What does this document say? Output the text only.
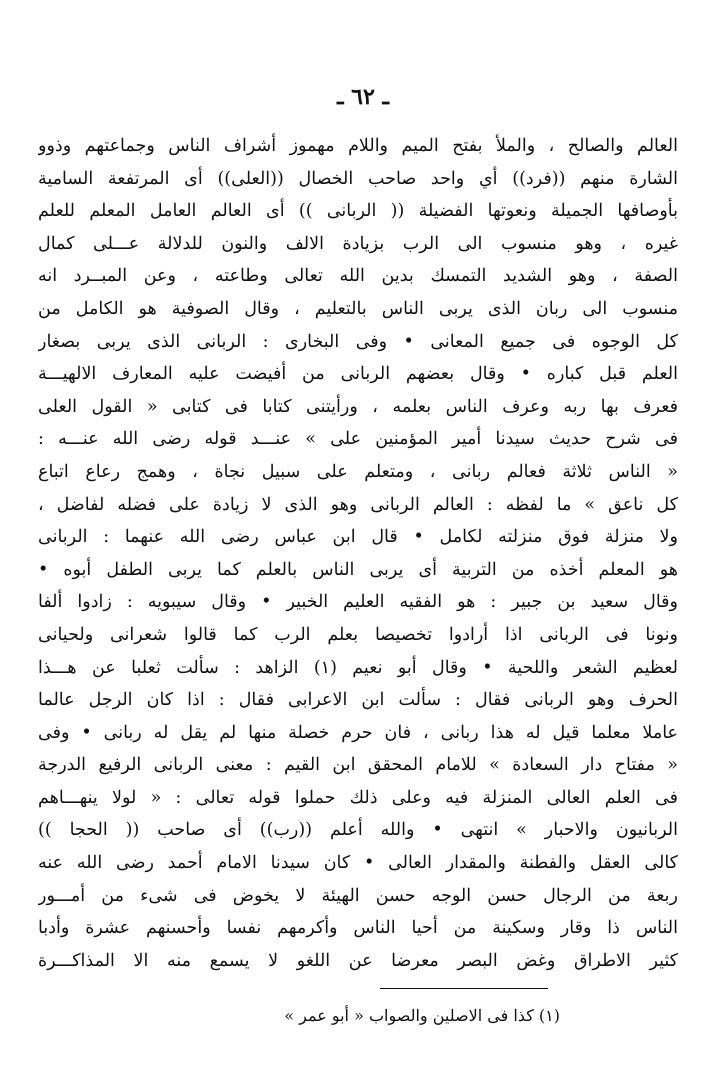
ـ ٦٢ ـ
العالم والصالح ، والملأ بفتح الميم واللام مهموز أشراف الناس وجماعتهم وذوو
الشارة منهم ((فرد)) أي واحد صاحب الخصال ((العلى)) أى المرتفعة السامية
بأوصافها الجميلة ونعوتها الفضيلة (( الربانى )) أى العالم العامل المعلم للعلم
غيره ، وهو منسوب الى الرب بزيادة الالف والنون للدلالة عـــلى كمال
الصفة ، وهو الشديد التمسك بدين الله تعالى وطاعته ، وعن المبــرد انه
منسوب الى ربان الذى يربى الناس بالتعليم ، وقال الصوفية هو الكامل من
كل الوجوه فى جميع المعانى • وفى البخارى : الربانى الذى يربى بصغار
العلم قبل كباره • وقال بعضهم الربانى من أفيضت عليه المعارف الالهيـــة
فعرف بها ربه وعرف الناس بعلمه ، ورأيتنى كتابا فى كتابى « القول العلى
فى شرح حديث سيدنا أمير المؤمنين على » عنـــد قوله رضى الله عنـــه :
« الناس ثلاثة فعالم ربانى ، ومتعلم على سبيل نجاة ، وهمج رعاع اتباع
كل ناعق » ما لفظه : العالم الربانى وهو الذى لا زيادة على فضله لفاضل ،
ولا منزلة فوق منزلته لكامل • قال ابن عباس رضى الله عنهما : الربانى
هو المعلم أخذه من التربية أى يربى الناس بالعلم كما يربى الطفل أبوه •
وقال سعيد بن جبير : هو الفقيه العليم الخبير • وقال سيبويه : زادوا ألفا
ونونا فى الربانى اذا أرادوا تخصيصا بعلم الرب كما قالوا شعرانى ولحيانى
لعظيم الشعر واللحية • وقال أبو نعيم (١) الزاهد : سألت ثعلبا عن هـــذا
الحرف وهو الربانى فقال : سألت ابن الاعرابى فقال : اذا كان الرجل عالما
عاملا معلما قيل له هذا ربانى ، فان حرم خصلة منها لم يقل له ربانى • وفى
« مفتاح دار السعادة » للامام المحقق ابن القيم : معنى الربانى الرفيع الدرجة
فى العلم العالى المنزلة فيه وعلى ذلك حملوا قوله تعالى : « لولا ينهـــاهم
الربانيون والاحبار » انتهى • والله أعلم ((رب)) أى صاحب (( الحجا ))
كالى العقل والفطنة والمقدار العالى • كان سيدنا الامام أحمد رضى الله عنه
ربعة من الرجال حسن الوجه حسن الهيئة لا يخوض فى شىء من أمـــور
الناس ذا وقار وسكينة من أحيا الناس وأكرمهم نفسا وأحسنهم عشرة وأدبا
كثير الاطراق وغض البصر معرضا عن اللغو لا يسمع منه الا المذاكـــرة
(١) كذا فى الاصلين والصواب « أبو عمر »
